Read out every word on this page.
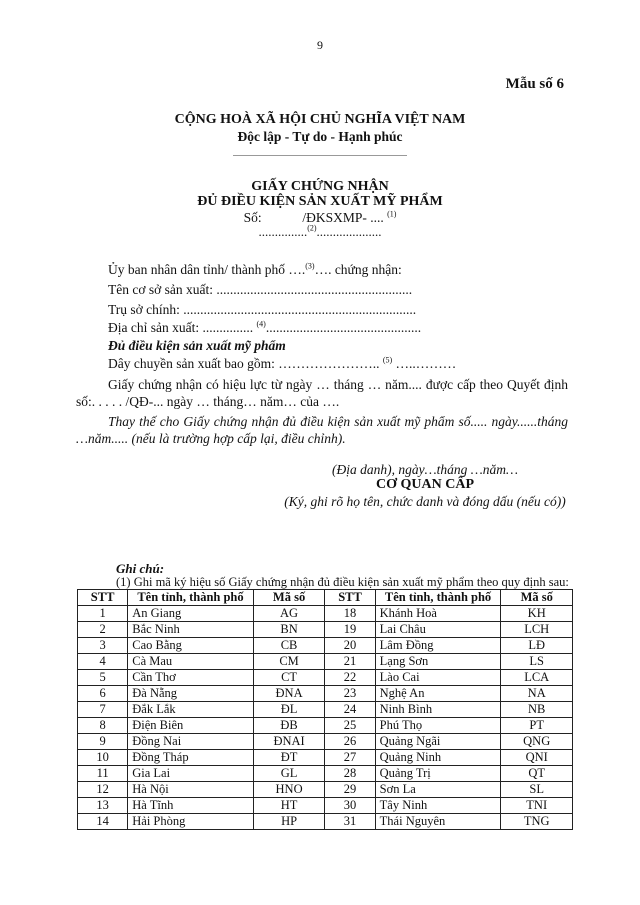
9
Mẫu số 6
CỘNG HOÀ XÃ HỘI CHỦ NGHĨA VIỆT NAM
Độc lập - Tự do - Hạnh phúc
GIẤY CHỨNG NHẬN
ĐỦ ĐIỀU KIỆN SẢN XUẤT MỸ PHẨM
Số:	/ĐKSXMP- .... $^{(1)}$
...............$^{(2)}$....................
Ủy ban nhân dân tỉnh/ thành phố ….$^{(3)}$…. chứng nhận:
Tên cơ sở sản xuất: ..........................................................
Trụ sở chính: .....................................................................
Địa chỉ sản xuất: ............... $^{(4)}$..............................................
Đủ điều kiện sản xuất mỹ phẩm
Dây chuyền sản xuất bao gồm: ………………….. $^{(5)}$ …..………
Giấy chứng nhận có hiệu lực từ ngày … tháng … năm.... được cấp theo Quyết định số:. . . . . /QĐ-... ngày … tháng… năm… của ….
Thay thế cho Giấy chứng nhận đủ điều kiện sản xuất mỹ phẩm số..... ngày......tháng …năm..... (nếu là trường hợp cấp lại, điều chỉnh).
(Địa danh), ngày…tháng …năm…
CƠ QUAN CẤP
(Ký, ghi rõ họ tên, chức danh và đóng dấu (nếu có))
Ghi chú:
(1) Ghi mã ký hiệu số Giấy chứng nhận đủ điều kiện sản xuất mỹ phẩm theo quy định sau:
STT	Tên tỉnh, thành phố	Mã số	STT	Tên tỉnh, thành phố	Mã số
1	An Giang	AG	18	Khánh Hoà	KH
2	Bắc Ninh	BN	19	Lai Châu	LCH
3	Cao Bằng	CB	20	Lâm Đồng	LĐ
4	Cà Mau	CM	21	Lạng Sơn	LS
5	Cần Thơ	CT	22	Lào Cai	LCA
6	Đà Nẵng	ĐNA	23	Nghệ An	NA
7	Đắk Lắk	ĐL	24	Ninh Bình	NB
8	Điện Biên	ĐB	25	Phú Thọ	PT
9	Đồng Nai	ĐNAI	26	Quảng Ngãi	QNG
10	Đồng Tháp	ĐT	27	Quảng Ninh	QNI
11	Gia Lai	GL	28	Quảng Trị	QT
12	Hà Nội	HNO	29	Sơn La	SL
13	Hà Tĩnh	HT	30	Tây Ninh	TNI
14	Hải Phòng	HP	31	Thái Nguyên	TNG
